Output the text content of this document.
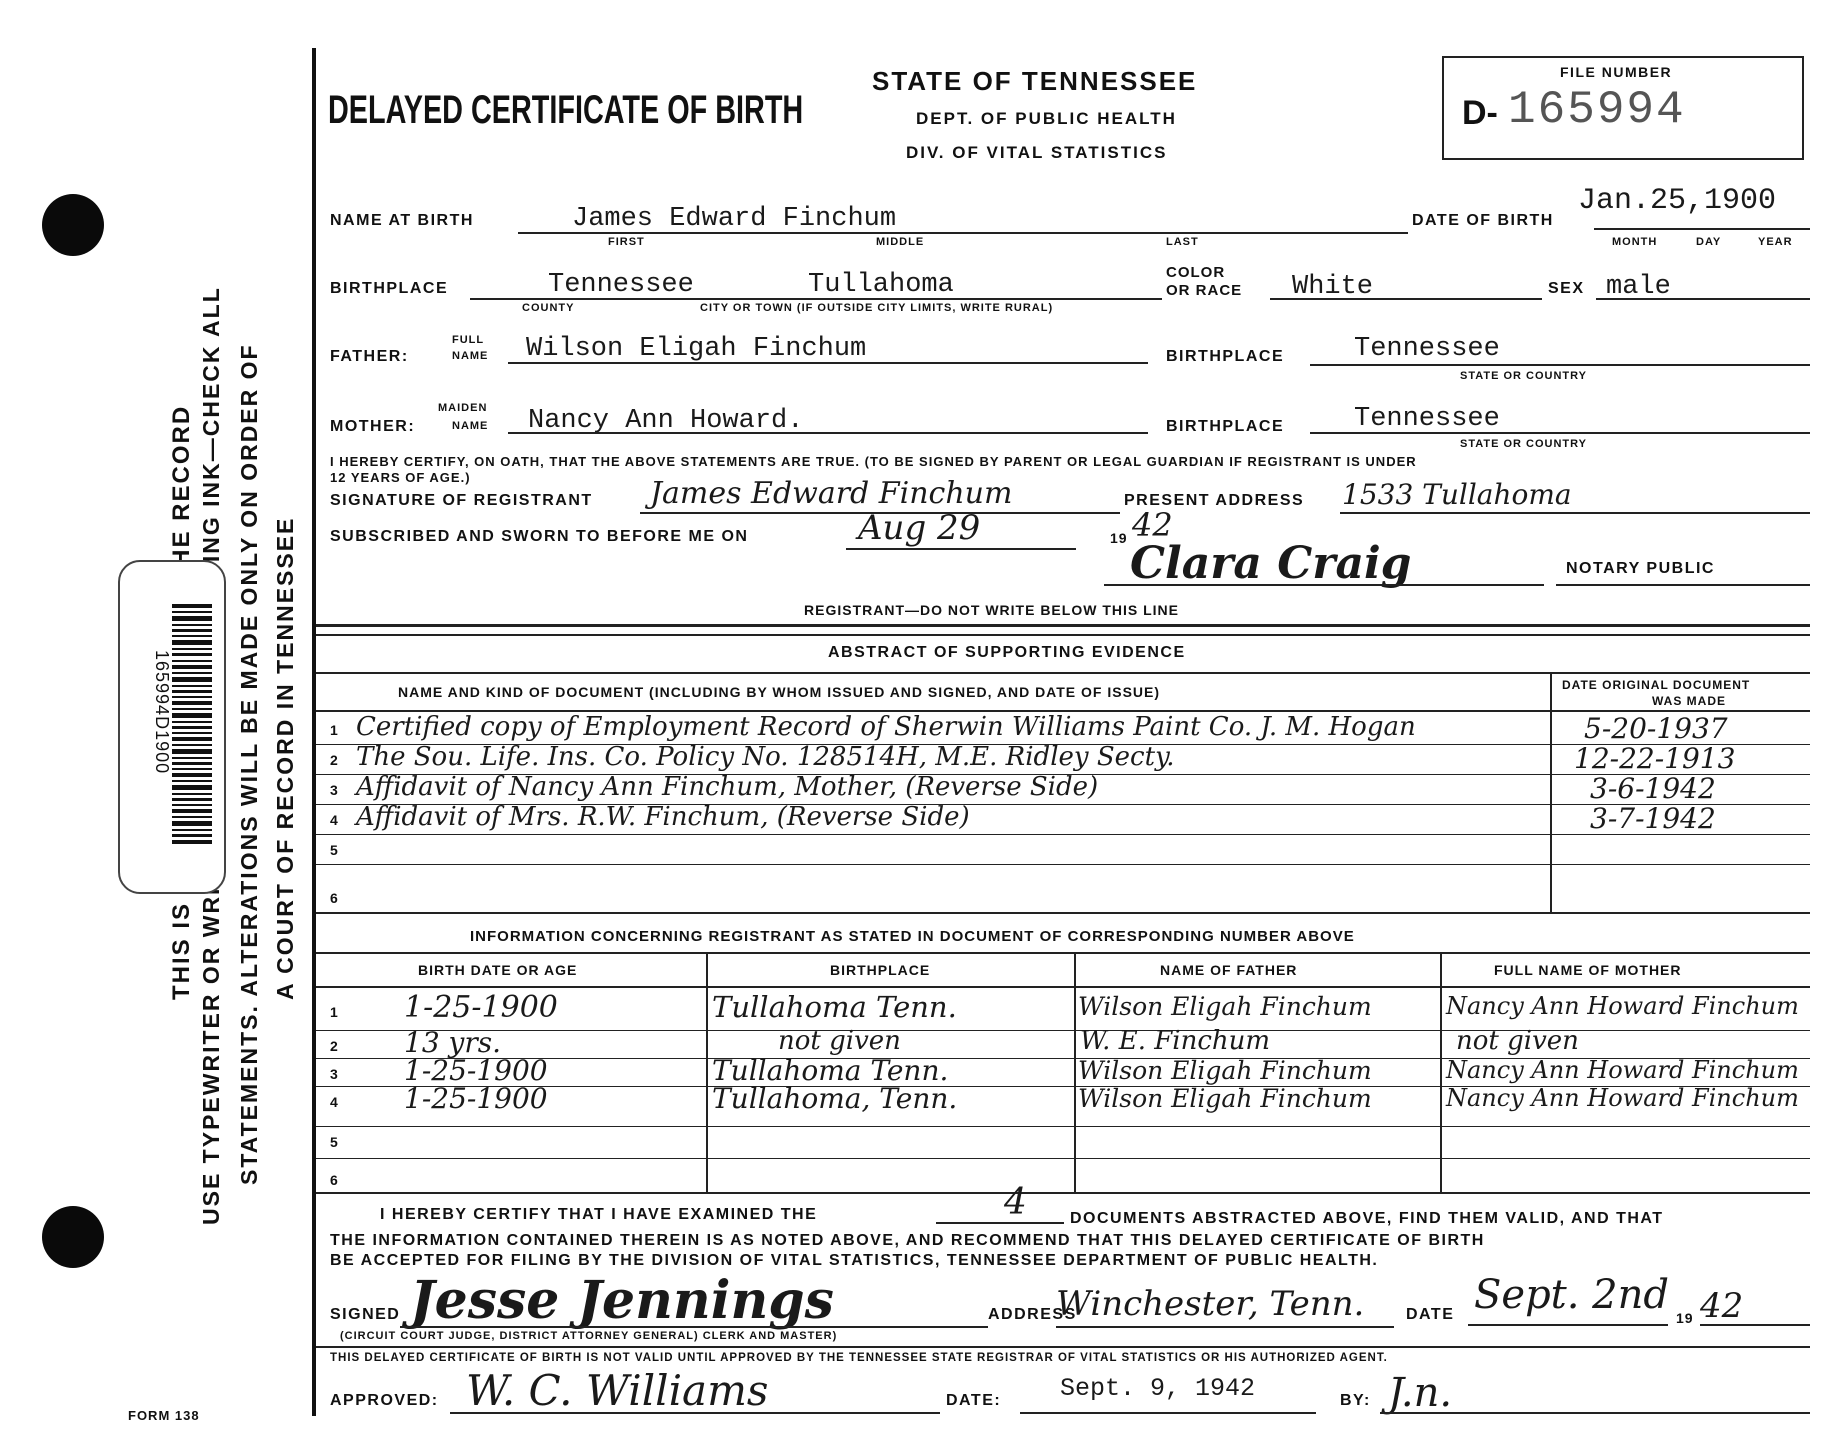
THIS IS THE RECORD STATEMENTS. ALTERATIONS WILL BE MADE ONLY ON ORDER OF A COURT OF RECORD IN TENNESSEE
165994D1900
FORM 138
DELAYED CERTIFICATE OF BIRTH
STATE OF TENNESSEE
DEPT. OF PUBLIC HEALTH
DIV. OF VITAL STATISTICS
FILE NUMBER
D- 165994
NAME AT BIRTH	James Edward Finchum
FIRST	MIDDLE	LAST
DATE OF BIRTH
Jan.25,1900
MONTH	DAY	YEAR
BIRTHPLACE	Tennessee	Tullahoma
COUNTY	CITY OR TOWN (IF OUTSIDE CITY LIMITS, WRITE RURAL)
COLOR
OR RACE White	SEX male
FATHER:
FULL
NAME Wilson Eligah Finchum	BIRTHPLACE	Tennessee
STATE OR COUNTRY
MOTHER:
MAIDEN
NAME Nancy Ann Howard.	BIRTHPLACE	Tennessee
STATE OR COUNTRY
I HEREBY CERTIFY, ON OATH, THAT THE ABOVE STATEMENTS ARE TRUE. (TO BE SIGNED BY PARENT OR LEGAL GUARDIAN IF REGISTRANT IS UNDER
12 YEARS OF AGE.)
SIGNATURE OF REGISTRANT James Edward Finchum	PRESENT ADDRESS 1533 Tullahoma
SUBSCRIBED AND SWORN TO BEFORE ME ON	Aug 29	19 42
Clara Craig	NOTARY PUBLIC
REGISTRANT—DO NOT WRITE BELOW THIS LINE
ABSTRACT OF SUPPORTING EVIDENCE
NAME AND KIND OF DOCUMENT (INCLUDING BY WHOM ISSUED AND SIGNED, AND DATE OF ISSUE)	DATE ORIGINAL DOCUMENT
WAS MADE
1 Certified copy of Employment Record of Sherwin Williams Paint Co. J. M. Hogan	5-20-1937
2 The Sou. Life. Ins. Co. Policy No. 128514H, M.E. Ridley Secty.	12-22-1913
3 Affidavit of Nancy Ann Finchum, Mother, (Reverse Side)	3-6-1942
4 Affidavit of Mrs. R.W. Finchum, (Reverse Side)	3-7-1942
5
6
INFORMATION CONCERNING REGISTRANT AS STATED IN DOCUMENT OF CORRESPONDING NUMBER ABOVE
BIRTH DATE OR AGE	BIRTHPLACE	NAME OF FATHER	FULL NAME OF MOTHER
1 1-25-1900	Tullahoma Tenn.	Wilson Eligah Finchum	Nancy Ann Howard Finchum
2 13 yrs.	not given	W. E. Finchum	not given
3 1-25-1900	Tullahoma Tenn.	Wilson Eligah Finchum	Nancy Ann Howard Finchum
4 1-25-1900	Tullahoma, Tenn.	Wilson Eligah Finchum	Nancy Ann Howard Finchum
5
6
I HEREBY CERTIFY THAT I HAVE EXAMINED THE	4	DOCUMENTS ABSTRACTED ABOVE, FIND THEM VALID, AND THAT
THE INFORMATION CONTAINED THEREIN IS AS NOTED ABOVE, AND RECOMMEND THAT THIS DELAYED CERTIFICATE OF BIRTH
BE ACCEPTED FOR FILING BY THE DIVISION OF VITAL STATISTICS, TENNESSEE DEPARTMENT OF PUBLIC HEALTH.
SIGNED Jesse Jennings	ADDRESS
Winchester, Tenn.	DATE Sept. 2nd 19 42
(CIRCUIT COURT JUDGE, DISTRICT ATTORNEY GENERAL) CLERK AND MASTER)
THIS DELAYED CERTIFICATE OF BIRTH IS NOT VALID UNTIL APPROVED BY THE TENNESSEE STATE REGISTRAR OF VITAL STATISTICS OR HIS AUTHORIZED AGENT.
APPROVED: W. C. Williams	DATE: Sept. 9, 1942	BY: J.n.
